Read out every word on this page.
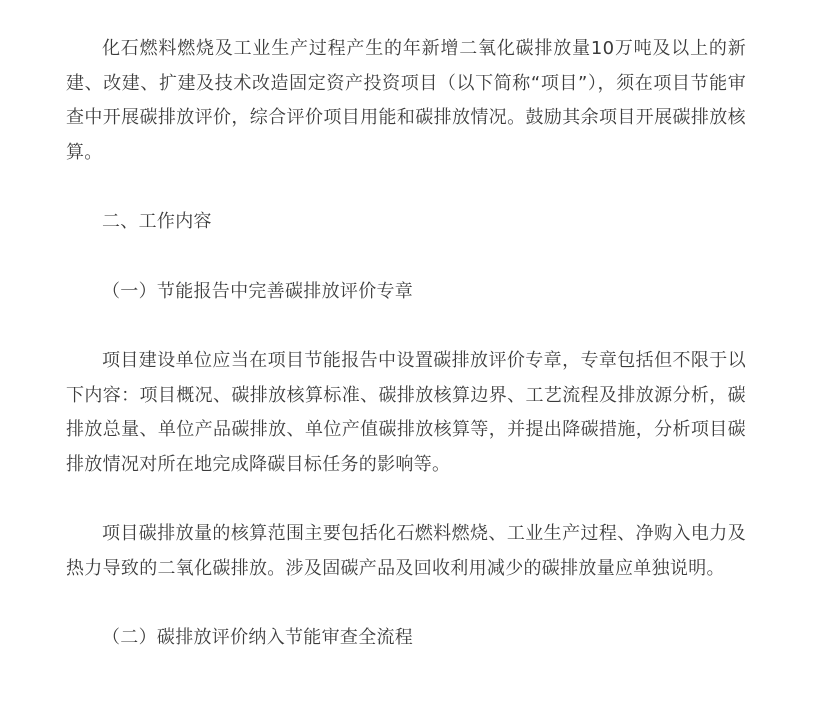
化石燃料燃烧及工业生产过程产生的年新增二氧化碳排放量10万吨及以上的新建、改建、扩建及技术改造固定资产投资项目（以下简称“项目”），须在项目节能审查中开展碳排放评价，综合评价项目用能和碳排放情况。鼓励其余项目开展碳排放核算。

二、工作内容

（一）节能报告中完善碳排放评价专章

项目建设单位应当在项目节能报告中设置碳排放评价专章，专章包括但不限于以下内容：项目概况、碳排放核算标准、碳排放核算边界、工艺流程及排放源分析，碳排放总量、单位产品碳排放、单位产值碳排放核算等，并提出降碳措施，分析项目碳排放情况对所在地完成降碳目标任务的影响等。

项目碳排放量的核算范围主要包括化石燃料燃烧、工业生产过程、净购入电力及热力导致的二氧化碳排放。涉及固碳产品及回收利用减少的碳排放量应单独说明。

（二）碳排放评价纳入节能审查全流程
